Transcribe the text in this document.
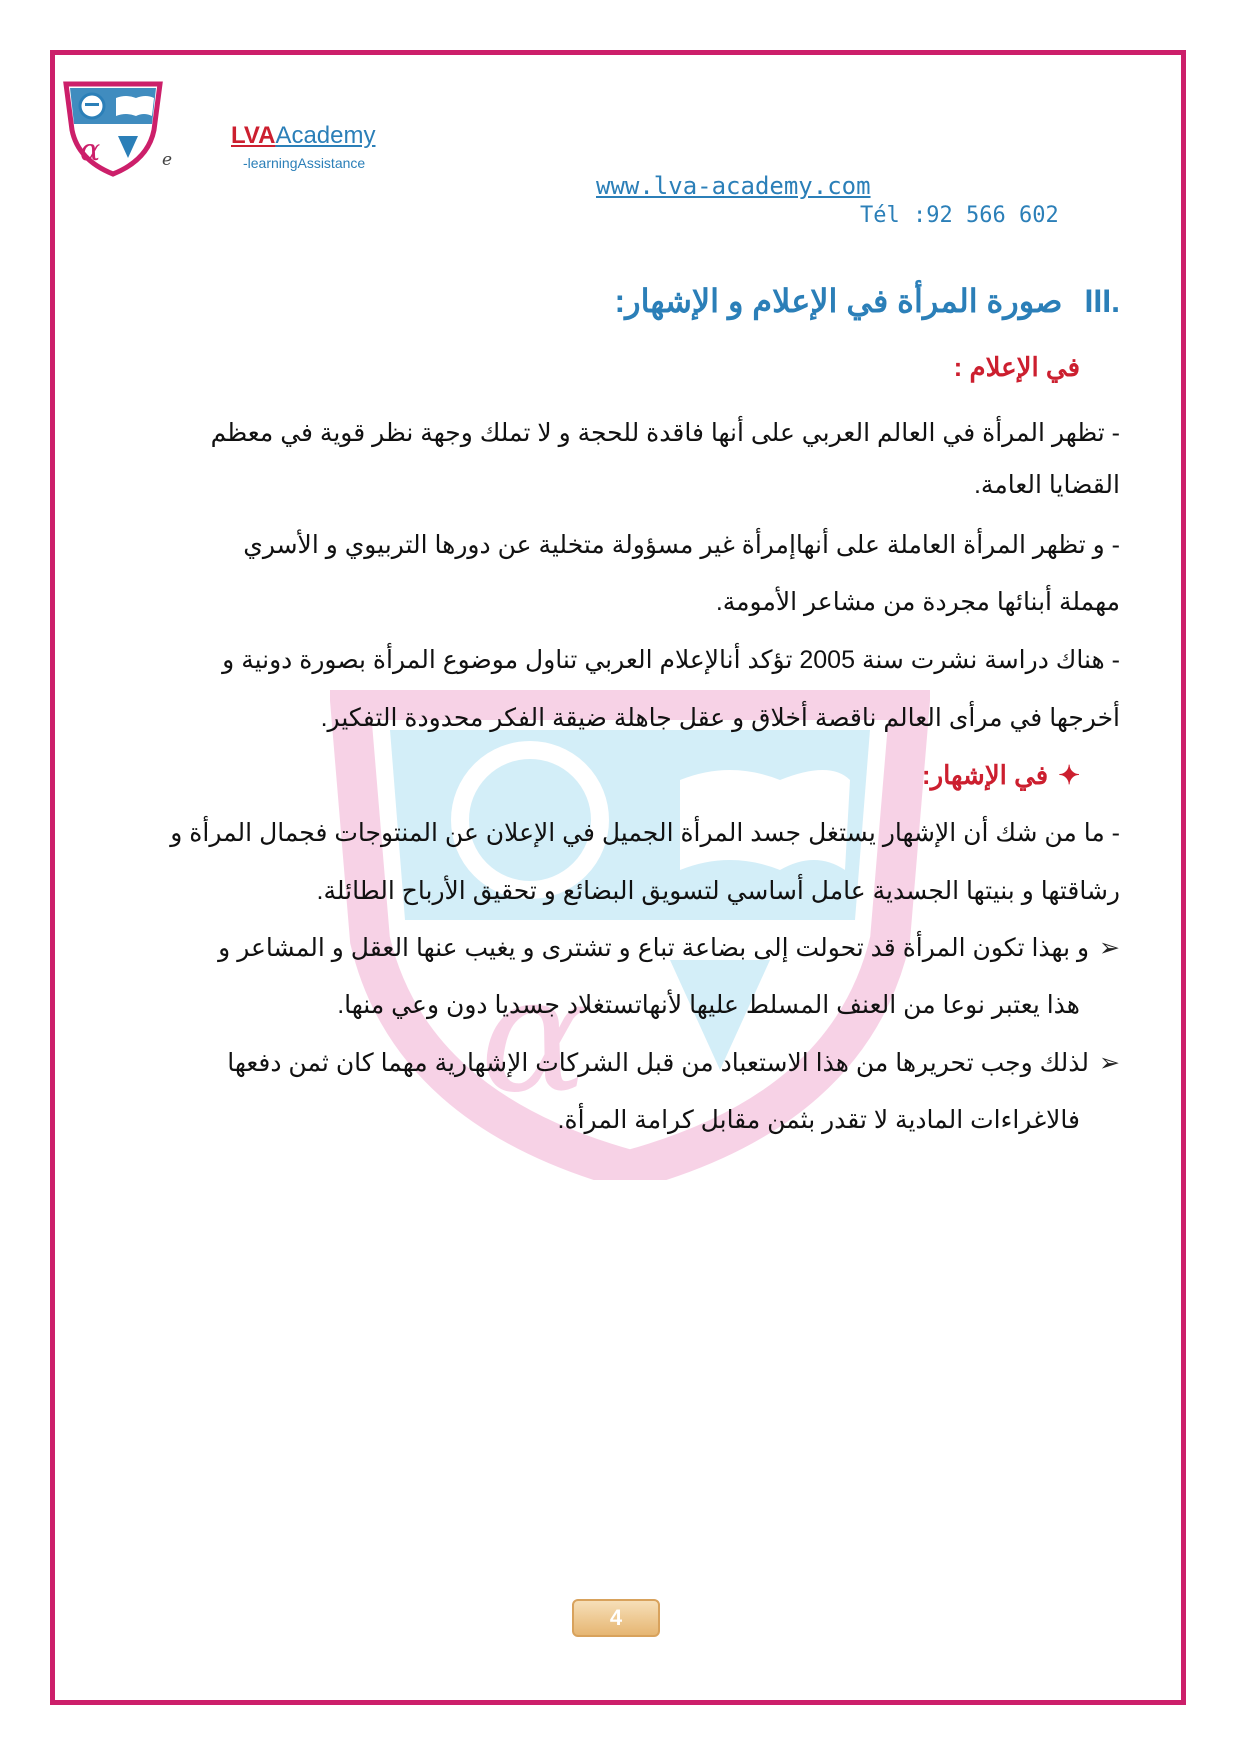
α	e
LVAAcademy
-learningAssistance
www.lva-academy.com
Tél :92 566 602
α
III.صورة المرأة في الإعلام و الإشهار:
في الإعلام :
- تظهر المرأة في العالم العربي على أنها فاقدة للحجة و لا تملك وجهة نظر قوية في معظم
القضايا العامة.
- و تظهر المرأة العاملة على أنهاإمرأة غير مسؤولة متخلية عن دورها التربيوي و الأسري
مهملة أبنائها مجردة من مشاعر الأمومة.
- هناك دراسة نشرت سنة 2005 تؤكد أنالإعلام العربي تناول موضوع المرأة بصورة دونية و
أخرجها في مرأى العالم ناقصة أخلاق و عقل جاهلة ضيقة الفكر محدودة التفكير.
✦في الإشهار:
- ما من شك أن الإشهار يستغل جسد المرأة الجميل في الإعلان عن المنتوجات فجمال المرأة و
رشاقتها و بنيتها الجسدية عامل أساسي لتسويق البضائع و تحقيق الأرباح الطائلة.
➢و بهذا تكون المرأة قد تحولت إلى بضاعة تباع و تشترى و يغيب عنها العقل و المشاعر و
هذا يعتبر نوعا من العنف المسلط عليها لأنهاتستغلاد جسديا دون وعي منها.
➢لذلك وجب تحريرها من هذا الاستعباد من قبل الشركات الإشهارية مهما كان ثمن دفعها
فالاغراءات المادية لا تقدر بثمن مقابل كرامة المرأة.
4
